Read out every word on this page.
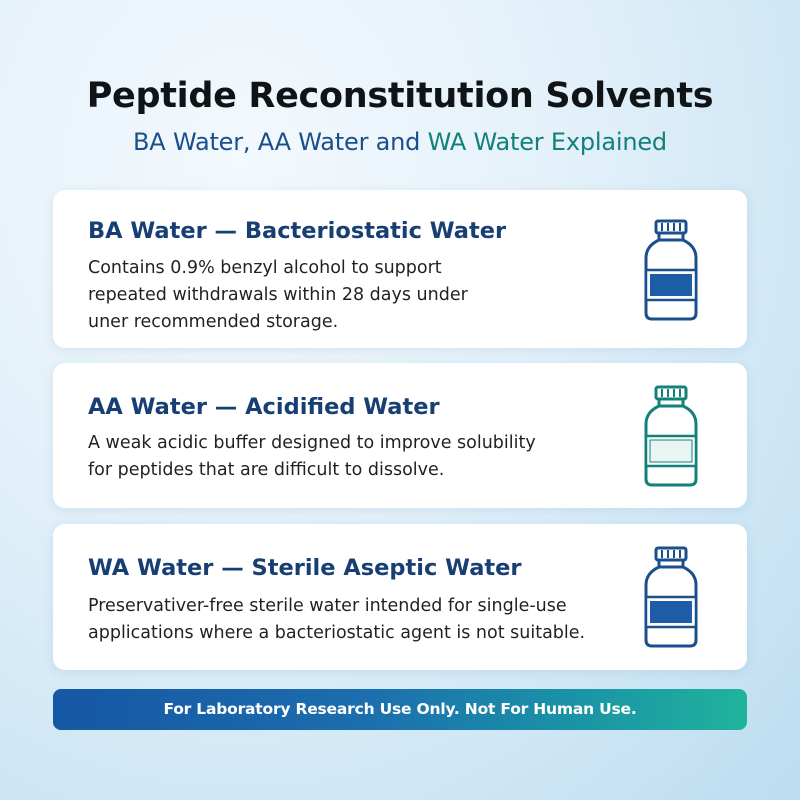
Peptide Reconstitution Solvents
BA Water, AA Water and WA Water Explained
BA Water — Bacteriostatic Water
Contains 0.9% benzyl alcohol to support
repeated withdrawals within 28 days under
uner recommended storage.
AA Water — Acidified Water
A weak acidic buffer designed to improve solubility
for peptides that are difficult to dissolve.
WA Water — Sterile Aseptic Water
Preservativer-free sterile water intended for single-use
applications where a bacteriostatic agent is not suitable.
For Laboratory Research Use Only. Not For Human Use.
